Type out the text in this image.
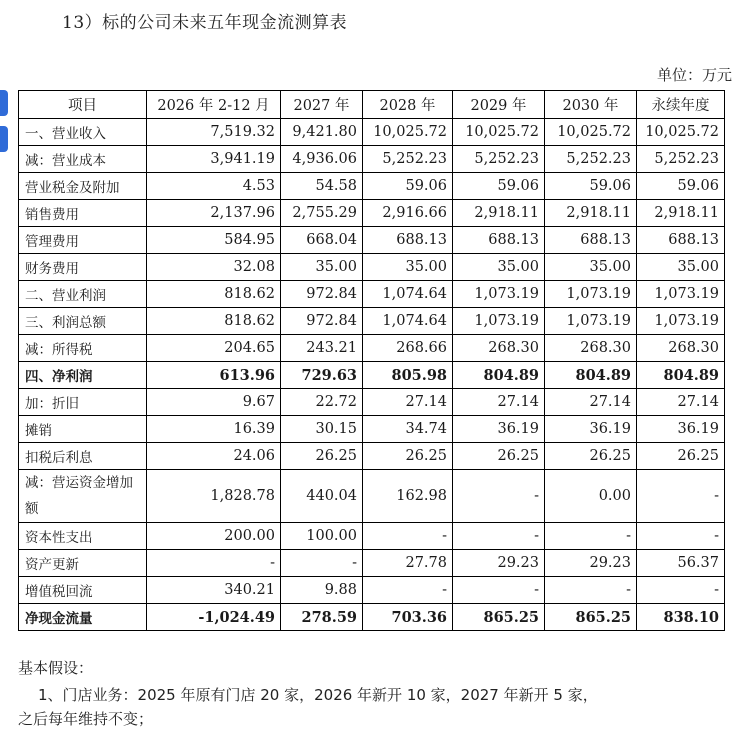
13）标的公司未来五年现金流测算表
单位：万元
项目	2026 年 2-12 月	2027 年	2028 年	2029 年	2030 年	永续年度
一、营业收入	7,519.32	9,421.80	10,025.72	10,025.72	10,025.72	10,025.72
减：营业成本	3,941.19	4,936.06	5,252.23	5,252.23	5,252.23	5,252.23
营业税金及附加	4.53	54.58	59.06	59.06	59.06	59.06
销售费用	2,137.96	2,755.29	2,916.66	2,918.11	2,918.11	2,918.11
管理费用	584.95	668.04	688.13	688.13	688.13	688.13
财务费用	32.08	35.00	35.00	35.00	35.00	35.00
二、营业利润	818.62	972.84	1,074.64	1,073.19	1,073.19	1,073.19
三、利润总额	818.62	972.84	1,074.64	1,073.19	1,073.19	1,073.19
减：所得税	204.65	243.21	268.66	268.30	268.30	268.30
四、净利润	613.96	729.63	805.98	804.89	804.89	804.89
加：折旧	9.67	22.72	27.14	27.14	27.14	27.14
摊销	16.39	30.15	34.74	36.19	36.19	36.19
扣税后利息	24.06	26.25	26.25	26.25	26.25	26.25
减：营运资金增加额	1,828.78	440.04	162.98	-	0.00	-
资本性支出	200.00	100.00	-	-	-	-
资产更新	-	-	27.78	29.23	29.23	56.37
增值税回流	340.21	9.88	-	-	-	-
净现金流量	-1,024.49	278.59	703.36	865.25	865.25	838.10
基本假设：
1、门店业务：2025 年原有门店 20 家，2026 年新开 10 家，2027 年新开 5 家，
之后每年维持不变；
